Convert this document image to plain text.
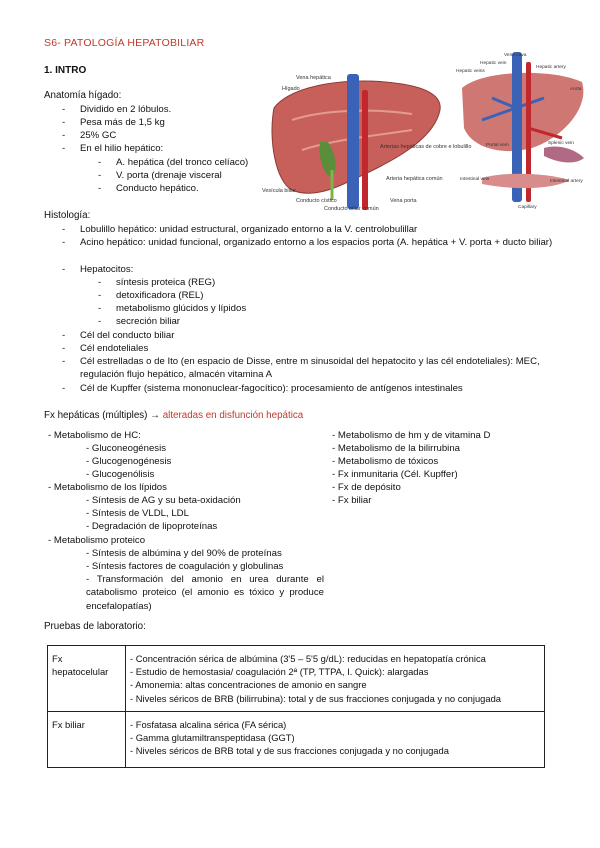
S6- PATOLOGÍA HEPATOBILIAR
1. INTRO
Anatomía hígado:
- Dividido en 2 lóbulos.
- Pesa más de 1,5 kg
- 25% GC
- En el hilio hepático:
- A. hepática (del tronco celíaco)
- V. porta (drenaje visceral
- Conducto hepático.
Vena hepática
Hígado
Arterias hepáticas de cobre e lobulillo
Vesícula biliar
Conducto cístico
Conducto biliar común
Vena porta
Arteria hepática común
Vena cava
Hepatic veins
Hepatic vein
Hepatic artery
Aorta
Portal vein	Splenic vein
Intestinal vein	Intestinal artery
Capillary
Histología:
- Lobulillo hepático: unidad estructural, organizado entorno a la V. centrolobulillar
- Acino hepático: unidad funcional, organizado entorno a los espacios porta (A. hepática + V. porta + ducto biliar)
- Hepatocitos:
- síntesis proteica (REG)
- detoxificadora (REL)
- metabolismo glúcidos y lípidos
- secreción biliar
- Cél del conducto biliar
- Cél endoteliales
- Cél estrelladas o de Ito (en espacio de Disse, entre m sinusoidal del hepatocito y las cél endoteliales): MEC, regulación flujo hepático, almacén vitamina A
- Cél de Kupffer (sistema mononuclear-fagocítico): procesamiento de antígenos intestinales
Fx hepáticas (múltiples) → alteradas en disfunción hepática
- Metabolismo de HC:
- Gluconeogénesis
- Glucogenogénesis
- Glucogenólisis
- Metabolismo de los lípidos
- Síntesis de AG y su beta-oxidación
- Síntesis de VLDL, LDL
- Degradación de lipoproteínas
- Metabolismo proteico
- Síntesis de albúmina y del 90% de proteínas
- Síntesis factores de coagulación y globulinas
- Transformación del amonio en urea durante el catabolismo proteico (el amonio es tóxico y produce encefalopatías)
- Metabolismo de hm y de vitamina D
- Metabolismo de la bilirrubina
- Metabolismo de tóxicos
- Fx inmunitaria (Cél. Kupffer)
- Fx de depósito
- Fx biliar
Pruebas de laboratorio:
Fx hepatocelular	- Concentración sérica de albúmina (3'5 – 5'5 g/dL): reducidas en hepatopatía crónica
- Estudio de hemostasia/ coagulación 2ª (TP, TTPA, I. Quick): alargadas
- Amonemia: altas concentraciones de amonio en sangre
- Niveles séricos de BRB (bilirrubina): total y de sus fracciones conjugada y no conjugada

Fx biliar	- Fosfatasa alcalina sérica (FA sérica)
- Gamma glutamiltranspeptidasa (GGT)
- Niveles séricos de BRB total y de sus fracciones conjugada y no conjugada
